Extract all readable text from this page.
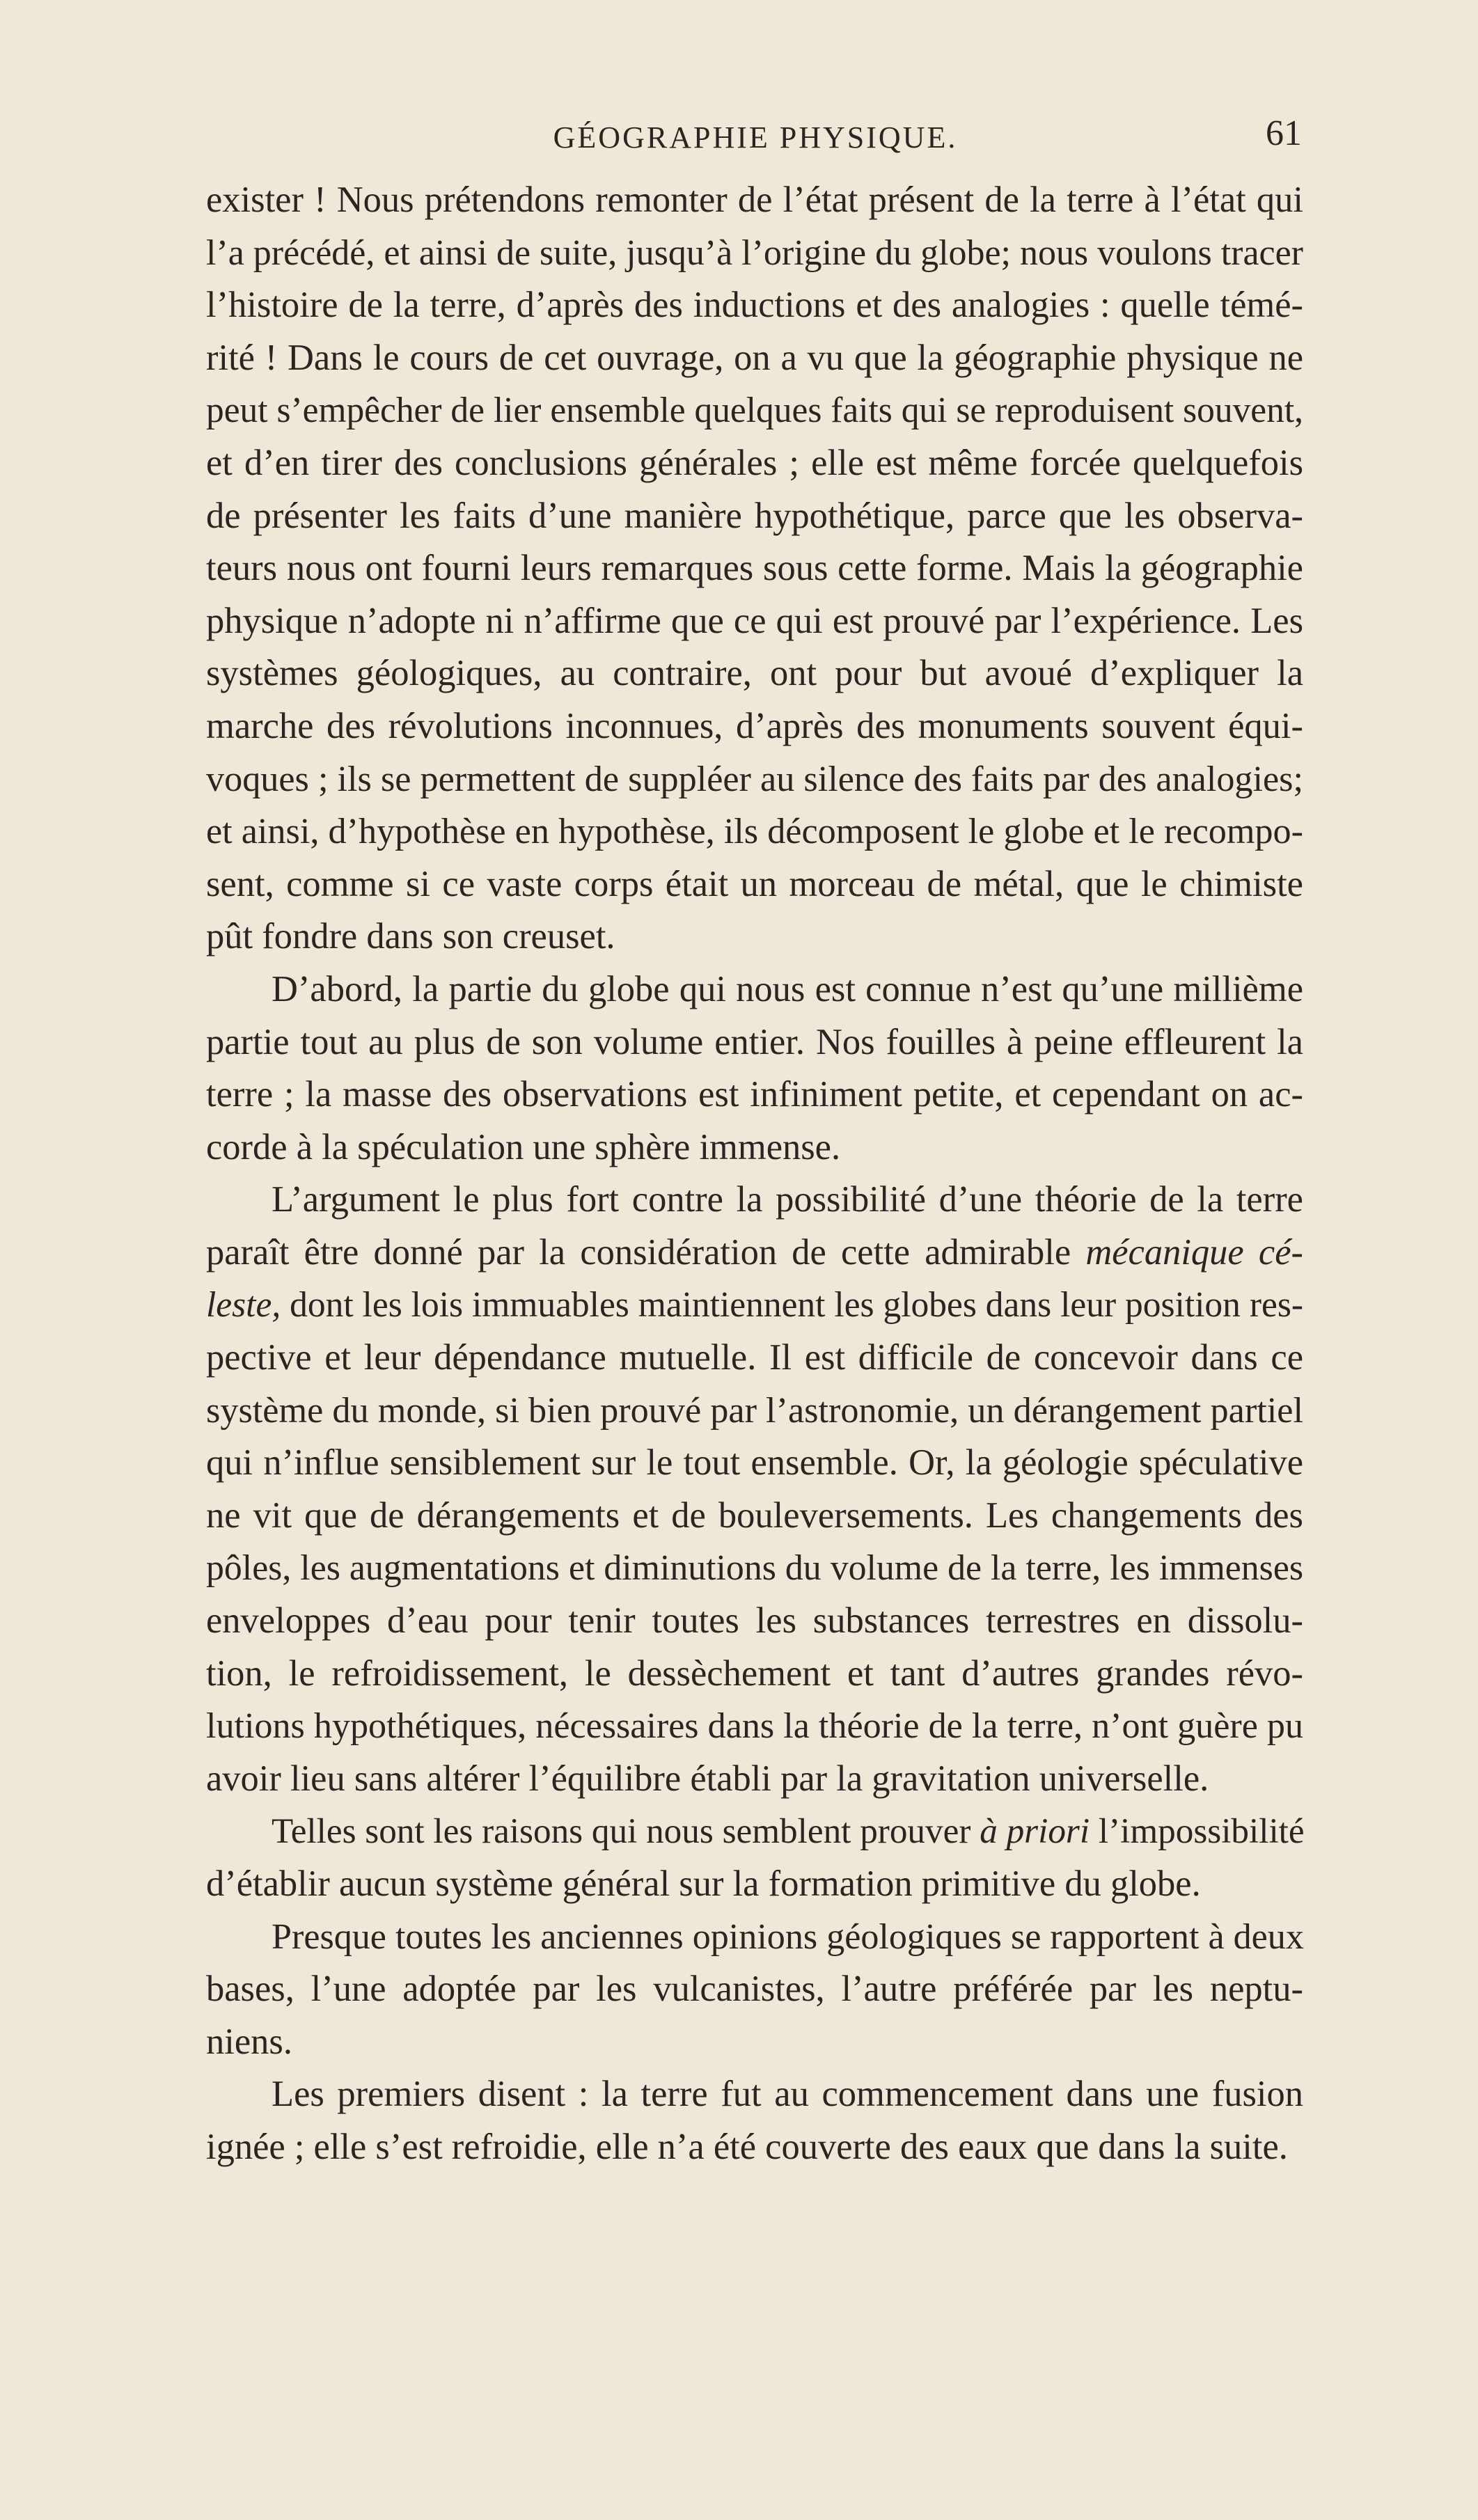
GÉOGRAPHIE PHYSIQUE.	61

exister ! Nous prétendons remonter de l’état présent de la terre à l’état qui
l’a précédé, et ainsi de suite, jusqu’à l’origine du globe; nous voulons tracer
l’histoire de la terre, d’après des inductions et des analogies : quelle témé-
rité ! Dans le cours de cet ouvrage, on a vu que la géographie physique ne
peut s’empêcher de lier ensemble quelques faits qui se reproduisent souvent,
et d’en tirer des conclusions générales ; elle est même forcée quelquefois
de présenter les faits d’une manière hypothétique, parce que les observa-
teurs nous ont fourni leurs remarques sous cette forme. Mais la géographie
physique n’adopte ni n’affirme que ce qui est prouvé par l’expérience. Les
systèmes géologiques, au contraire, ont pour but avoué d’expliquer la
marche des révolutions inconnues, d’après des monuments souvent équi-
voques ; ils se permettent de suppléer au silence des faits par des analogies;
et ainsi, d’hypothèse en hypothèse, ils décomposent le globe et le recompo-
sent, comme si ce vaste corps était un morceau de métal, que le chimiste
pût fondre dans son creuset.

D’abord, la partie du globe qui nous est connue n’est qu’une millième
partie tout au plus de son volume entier. Nos fouilles à peine effleurent la
terre ; la masse des observations est infiniment petite, et cependant on ac-
corde à la spéculation une sphère immense.

L’argument le plus fort contre la possibilité d’une théorie de la terre
paraît être donné par la considération de cette admirable mécanique cé-
leste, dont les lois immuables maintiennent les globes dans leur position res-
pective et leur dépendance mutuelle. Il est difficile de concevoir dans ce
système du monde, si bien prouvé par l’astronomie, un dérangement partiel
qui n’influe sensiblement sur le tout ensemble. Or, la géologie spéculative
ne vit que de dérangements et de bouleversements. Les changements des
pôles, les augmentations et diminutions du volume de la terre, les immenses
enveloppes d’eau pour tenir toutes les substances terrestres en dissolu-
tion, le refroidissement, le dessèchement et tant d’autres grandes révo-
lutions hypothétiques, nécessaires dans la théorie de la terre, n’ont guère pu
avoir lieu sans altérer l’équilibre établi par la gravitation universelle.

Telles sont les raisons qui nous semblent prouver à priori l’impossibilité
d’établir aucun système général sur la formation primitive du globe.

Presque toutes les anciennes opinions géologiques se rapportent à deux
bases, l’une adoptée par les vulcanistes, l’autre préférée par les neptu-
niens.

Les premiers disent : la terre fut au commencement dans une fusion
ignée ; elle s’est refroidie, elle n’a été couverte des eaux que dans la suite.
